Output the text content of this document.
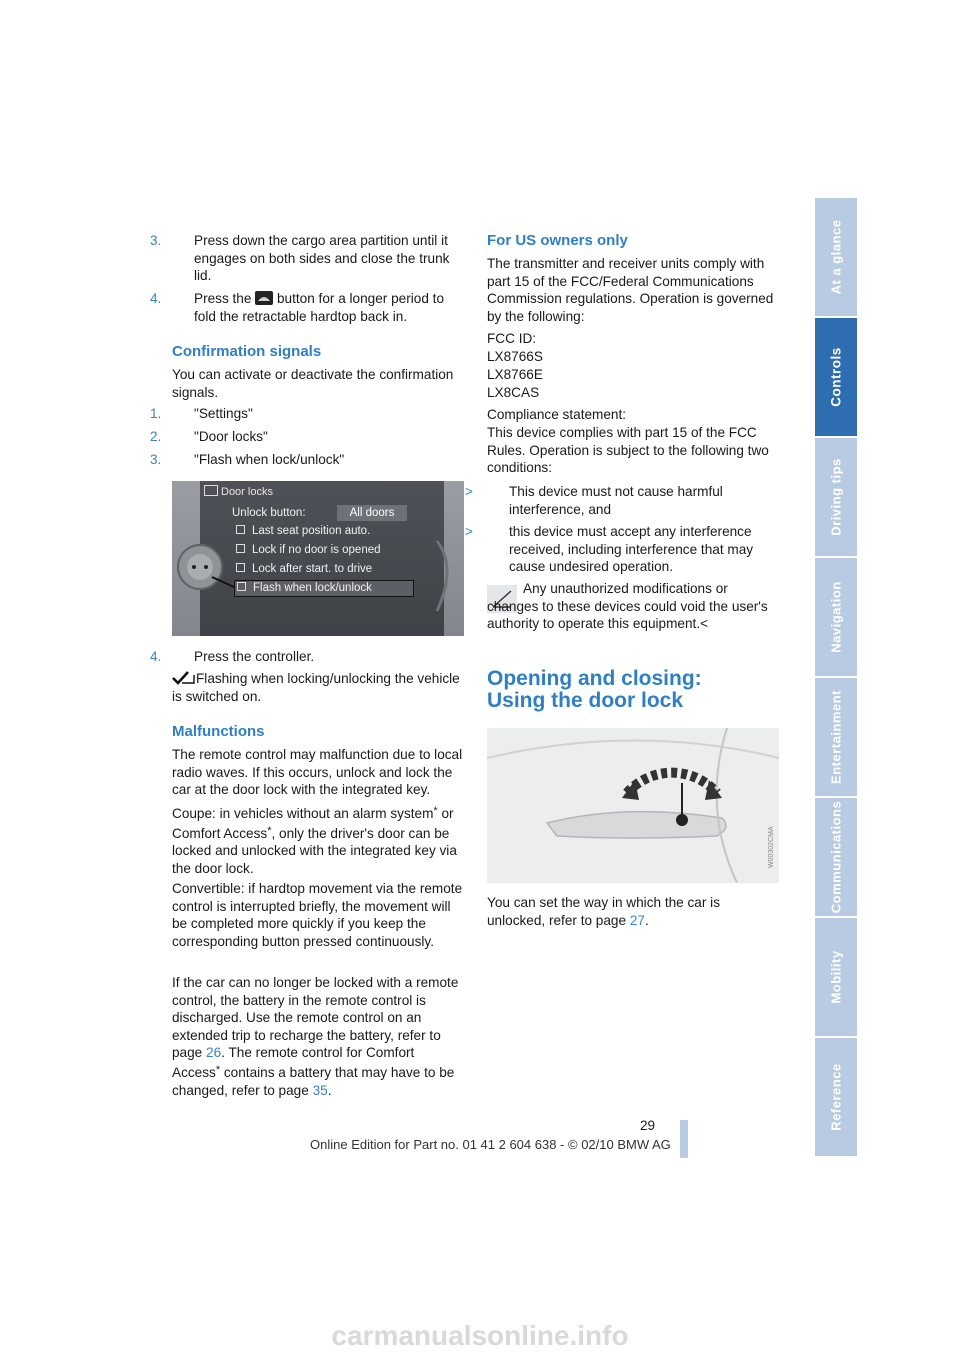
3. Press down the cargo area partition until it engages on both sides and close the trunk lid.
4. Press the button for a longer period to fold the retractable hardtop back in.
Confirmation signals

You can activate or deactivate the confirmation signals.

1. "Settings"
2. "Door locks"
3. "Flash when lock/unlock"
4. Press the controller.

Flashing when locking/unlocking the vehicle is switched on.

Malfunctions

The remote control may malfunction due to local radio waves. If this occurs, unlock and lock the car at the door lock with the integrated key.

Coupe: in vehicles without an alarm system* or Comfort Access*, only the driver's door can be locked and unlocked with the integrated key via the door lock.

Convertible: if hardtop movement via the remote control is interrupted briefly, the movement will be completed more quickly if you keep the corresponding button pressed continuously.

If the car can no longer be locked with a remote control, the battery in the remote control is discharged. Use the remote control on an extended trip to recharge the battery, refer to page 26. The remote control for Comfort Access* contains a battery that may have to be changed, refer to page 35.

Door locks
Unlock button:	All doors
Last seat position auto.
Lock if no door is opened
Lock after start. to drive
Flash when lock/unlock
For US owners only

The transmitter and receiver units comply with part 15 of the FCC/Federal Communications Commission regulations. Operation is governed by the following:

FCC ID:

LX8766S

LX8766E

LX8CAS

Compliance statement:

This device complies with part 15 of the FCC Rules. Operation is subject to the following two conditions:

>	This device must not cause harmful interference, and
>	this device must accept any interference received, including interference that may cause undesired operation.

Any unauthorized modifications or changes to these devices could void the user's authority to operate this equipment.<

Opening and closing:
Using the door lock

You can set the way in which the car is unlocked, refer to page 27.

W00302CMA
At a glance
Controls
Driving tips
Navigation
Entertainment
Communications
Mobility
Reference
29
Online Edition for Part no. 01 41 2 604 638 - © 02/10 BMW AG
carmanualsonline.info
